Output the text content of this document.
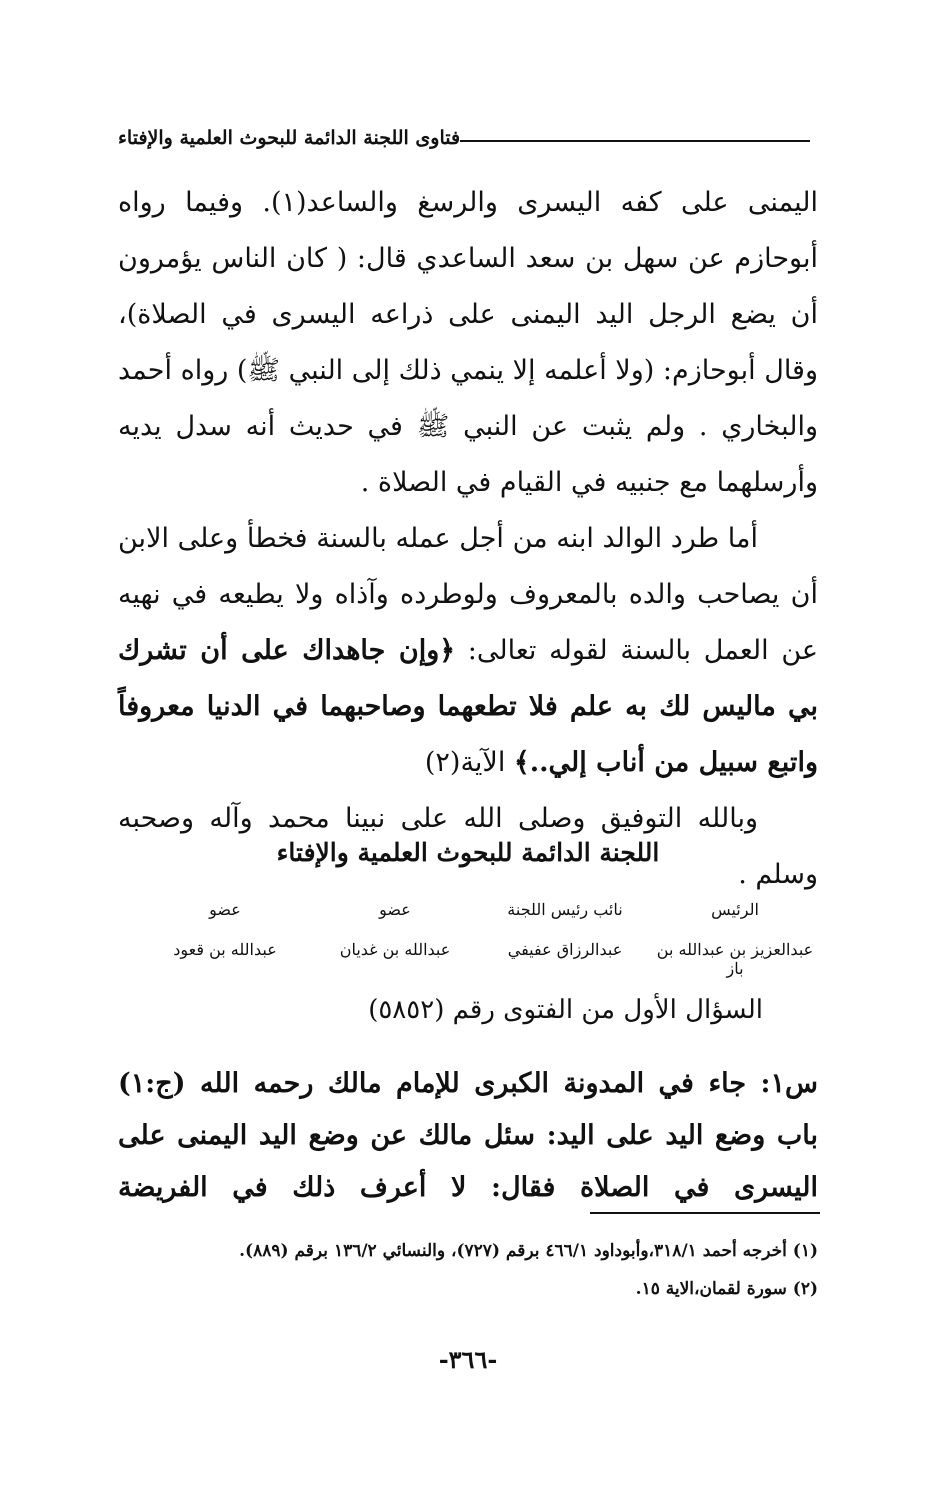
فتاوى اللجنة الدائمة للبحوث العلمية والإفتاء

اليمنى على كفه اليسرى والرسغ والساعد(١). وفيما رواه أبوحازم عن سهل بن سعد الساعدي قال: ( كان الناس يؤمرون أن يضع الرجل اليد اليمنى على ذراعه اليسرى في الصلاة)، وقال أبوحازم: (ولا أعلمه إلا ينمي ذلك إلى النبي ﷺ) رواه أحمد والبخاري . ولم يثبت عن النبي ﷺ في حديث أنه سدل يديه وأرسلهما مع جنبيه في القيام في الصلاة .

أما طرد الوالد ابنه من أجل عمله بالسنة فخطأ وعلى الابن أن يصاحب والده بالمعروف ولوطرده وآذاه ولا يطيعه في نهيه عن العمل بالسنة لقوله تعالى: ﴿وإن جاهداك على أن تشرك بي ماليس لك به علم فلا تطعهما وصاحبهما في الدنيا معروفاً واتبع سبيل من أناب إلي..﴾ الآية(٢)

وبالله التوفيق وصلى الله على نبينا محمد وآله وصحبه وسلم .

اللجنة الدائمة للبحوث العلمية والإفتاء
الرئيس
نائب رئيس اللجنة
عضو
عضو
عبدالعزيز بن عبدالله بن باز
عبدالرزاق عفيفي
عبدالله بن غديان
عبدالله بن قعود
السؤال الأول من الفتوى رقم (٥٨٥٢)

س١: جاء في المدونة الكبرى للإمام مالك رحمه الله (ج:١) باب وضع اليد على اليد: سئل مالك عن وضع اليد اليمنى على اليسرى في الصلاة فقال: لا أعرف ذلك في الفريضة

(١) أخرجه أحمد ٣١٨/١،وأبوداود ٤٦٦/١ برقم (٧٢٧)، والنسائي ١٣٦/٢ برقم (٨٨٩).

(٢) سورة لقمان،الاية ١٥.

-٣٦٦-
